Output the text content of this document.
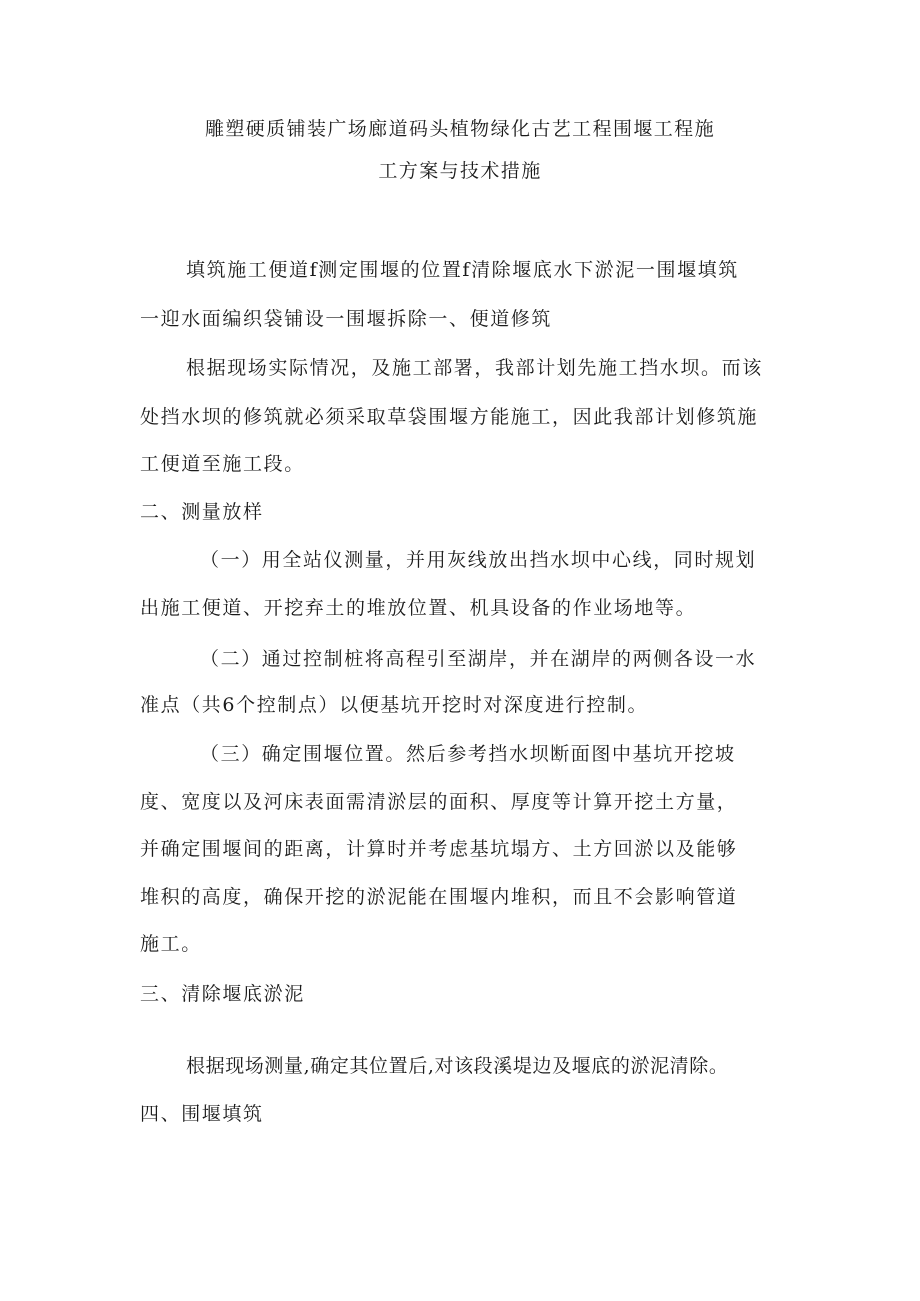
雕塑硬质铺装广场廊道码头植物绿化古艺工程围堰工程施
工方案与技术措施
填筑施工便道f测定围堰的位置f清除堰底水下淤泥一围堰填筑
一迎水面编织袋铺设一围堰拆除一、便道修筑
根据现场实际情况，及施工部署，我部计划先施工挡水坝。而该
处挡水坝的修筑就必须采取草袋围堰方能施工，因此我部计划修筑施
工便道至施工段。
二、测量放样
（一）用全站仪测量，并用灰线放出挡水坝中心线，同时规划
出施工便道、开挖弃土的堆放位置、机具设备的作业场地等。
（二）通过控制桩将高程引至湖岸，并在湖岸的两侧各设一水
准点（共6个控制点）以便基坑开挖时对深度进行控制。
（三）确定围堰位置。然后参考挡水坝断面图中基坑开挖坡
度、宽度以及河床表面需清淤层的面积、厚度等计算开挖土方量，
并确定围堰间的距离，计算时并考虑基坑塌方、土方回淤以及能够
堆积的高度，确保开挖的淤泥能在围堰内堆积，而且不会影响管道
施工。
三、清除堰底淤泥
根据现场测量,确定其位置后,对该段溪堤边及堰底的淤泥清除。
四、围堰填筑
